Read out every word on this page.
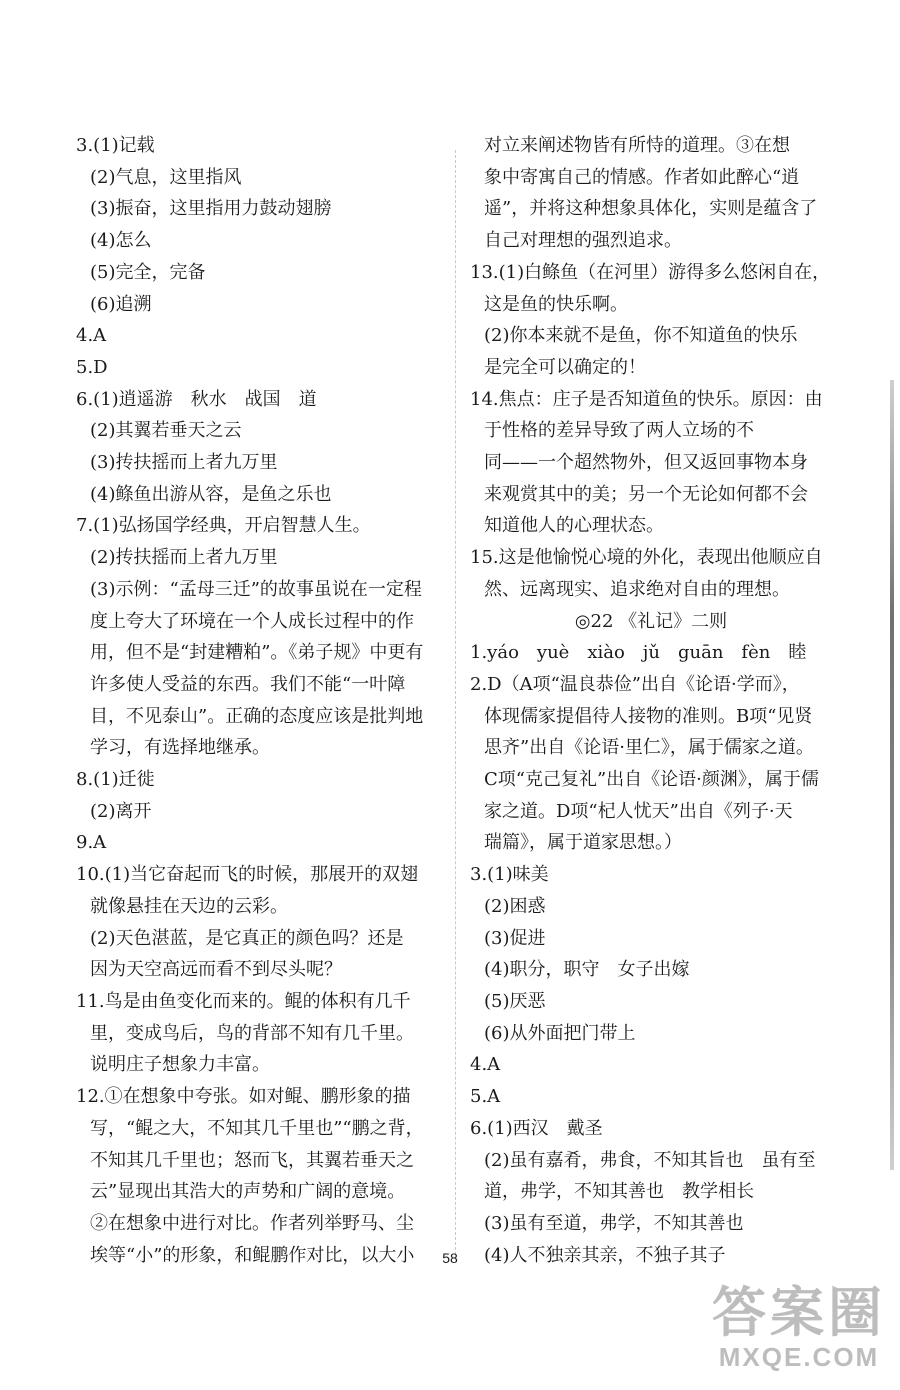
3.(1)记载
(2)气息，这里指风
(3)振奋，这里指用力鼓动翅膀
(4)怎么
(5)完全，完备
(6)追溯
4.A
5.D
6.(1)逍遥游　秋水　战国　道
(2)其翼若垂天之云
(3)抟扶摇而上者九万里
(4)鲦鱼出游从容，是鱼之乐也
7.(1)弘扬国学经典，开启智慧人生。
(2)抟扶摇而上者九万里
(3)示例：“孟母三迁”的故事虽说在一定程
度上夸大了环境在一个人成长过程中的作
用，但不是“封建糟粕”。《弟子规》中更有
许多使人受益的东西。我们不能“一叶障
目，不见泰山”。正确的态度应该是批判地
学习，有选择地继承。
8.(1)迁徙
(2)离开
9.A
10.(1)当它奋起而飞的时候，那展开的双翅
就像悬挂在天边的云彩。
(2)天色湛蓝，是它真正的颜色吗？还是
因为天空高远而看不到尽头呢？
11.鸟是由鱼变化而来的。鲲的体积有几千
里，变成鸟后，鸟的背部不知有几千里。
说明庄子想象力丰富。
12.①在想象中夸张。如对鲲、鹏形象的描
写，“鲲之大，不知其几千里也”“鹏之背，
不知其几千里也；怒而飞，其翼若垂天之
云”显现出其浩大的声势和广阔的意境。
②在想象中进行对比。作者列举野马、尘
埃等“小”的形象，和鲲鹏作对比，以大小
对立来阐述物皆有所恃的道理。③在想
象中寄寓自己的情感。作者如此醉心“逍
遥”，并将这种想象具体化，实则是蕴含了
自己对理想的强烈追求。
13.(1)白鲦鱼（在河里）游得多么悠闲自在，
这是鱼的快乐啊。
(2)你本来就不是鱼，你不知道鱼的快乐
是完全可以确定的！
14.焦点：庄子是否知道鱼的快乐。原因：由
于性格的差异导致了两人立场的不
同——一个超然物外，但又返回事物本身
来观赏其中的美；另一个无论如何都不会
知道他人的心理状态。
15.这是他愉悦心境的外化，表现出他顺应自
然、远离现实、追求绝对自由的理想。
◎22 《礼记》二则
1.yáo　yuè　xiào　jǔ　guān　fèn　睦
2.D（A项“温良恭俭”出自《论语·学而》，
体现儒家提倡待人接物的准则。B项“见贤
思齐”出自《论语·里仁》，属于儒家之道。
C项“克己复礼”出自《论语·颜渊》，属于儒
家之道。D项“杞人忧天”出自《列子·天
瑞篇》，属于道家思想。）
3.(1)味美
(2)困惑
(3)促进
(4)职分，职守　女子出嫁
(5)厌恶
(6)从外面把门带上
4.A
5.A
6.(1)西汉　戴圣
(2)虽有嘉肴，弗食，不知其旨也　虽有至
道，弗学，不知其善也　教学相长
(3)虽有至道，弗学，不知其善也
(4)人不独亲其亲，不独子其子
58
答案圈
MXQE.COM
